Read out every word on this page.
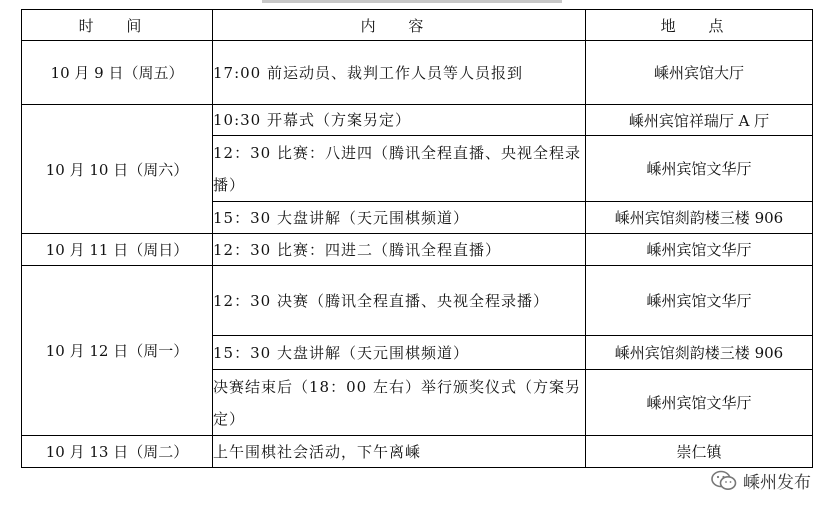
时 间	内 容	地 点
10 月 9 日（周五）	17:00 前运动员、裁判工作人员等人员报到	嵊州宾馆大厅
10 月 10 日（周六）	10:30 开幕式（方案另定）	嵊州宾馆祥瑞厅 A 厅
	12：30 比赛：八进四（腾讯全程直播、央视全程录播）	嵊州宾馆文华厅
	15：30 大盘讲解（天元围棋频道）	嵊州宾馆剡韵楼三楼 906
10 月 11 日（周日）	12：30 比赛：四进二（腾讯全程直播）	嵊州宾馆文华厅
10 月 12 日（周一）	12：30 决赛（腾讯全程直播、央视全程录播）	嵊州宾馆文华厅
	15：30 大盘讲解（天元围棋频道）	嵊州宾馆剡韵楼三楼 906
	决赛结束后（18：00 左右）举行颁奖仪式（方案另定）	嵊州宾馆文华厅
10 月 13 日（周二）	上午围棋社会活动，下午离嵊	崇仁镇
嵊州发布
